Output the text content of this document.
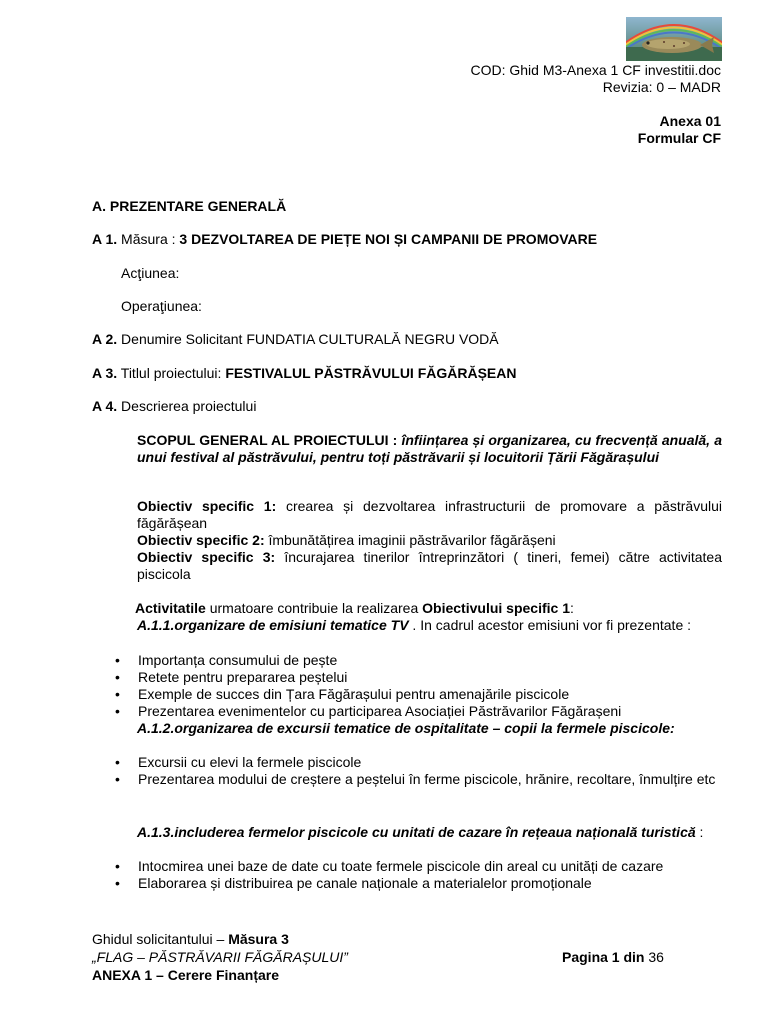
COD: Ghid M3-Anexa 1 CF investitii.doc
Revizia: 0 – MADR
Anexa 01
Formular CF
A. PREZENTARE GENERALĂ
A 1. Măsura : 3 DEZVOLTAREA DE PIEȚE NOI ȘI CAMPANII DE PROMOVARE
Acţiunea:
Operaţiunea:
A 2. Denumire Solicitant FUNDATIA CULTURALĂ NEGRU VODĂ
A 3. Titlul proiectului: FESTIVALUL PĂSTRĂVULUI FĂGĂRĂȘEAN
A 4. Descrierea proiectului
SCOPUL GENERAL AL PROIECTULUI : înființarea și organizarea, cu frecvență anuală, a unui festival al păstrăvului, pentru toți păstrăvarii și locuitorii Țării Făgărașului
Obiectiv specific 1: crearea și dezvoltarea infrastructurii de promovare a păstrăvului făgărășean
Obiectiv specific 2: îmbunătățirea imaginii păstrăvarilor făgărășeni
Obiectiv specific 3: încurajarea tinerilor întreprinzători ( tineri, femei) către activitatea piscicola
Activitatile urmatoare contribuie la realizarea Obiectivului specific 1:
A.1.1.organizare de emisiuni tematice TV . In cadrul acestor emisiuni vor fi prezentate :
• Importanța consumului de pește
• Retete pentru prepararea peștelui
• Exemple de succes din Țara Făgărașului pentru amenajările piscicole
• Prezentarea evenimentelor cu participarea Asociației Păstrăvarilor Făgărașeni
A.1.2.organizarea de excursii tematice de ospitalitate – copii la fermele piscicole:
• Excursii cu elevi la fermele piscicole
• Prezentarea modului de creștere a peștelui în ferme piscicole, hrănire, recoltare, înmulțire etc
A.1.3.includerea fermelor piscicole cu unitati de cazare în rețeaua națională turistică :
• Intocmirea unei baze de date cu toate fermele piscicole din areal cu unități de cazare
• Elaborarea și distribuirea pe canale naționale a materialelor promoționale
Ghidul solicitantului – Măsura 3
„FLAG – PĂSTRĂVARII FĂGĂRAȘULUI”
ANEXA 1 – Cerere Finanțare
Pagina 1 din 36
